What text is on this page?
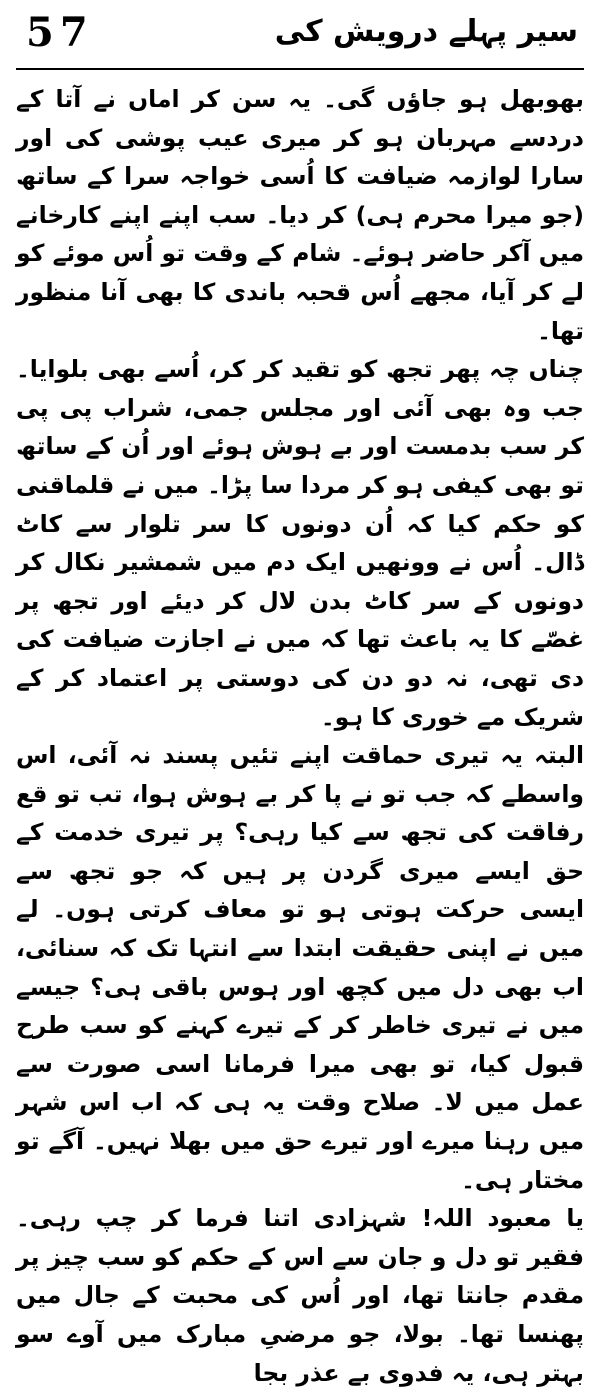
57	سیر پہلے درویش کی

بھوبھل ہو جاؤں گی۔ یہ سن کر اماں نے آتا کے دردسے مہربان ہو کر میری عیب پوشی کی اور سارا لوازمہ ضیافت کا اُسی خواجہ سرا کے ساتھ (جو میرا محرم ہی) کر دیا۔ سب اپنے اپنے کارخانے میں آکر حاضر ہوئے۔ شام کے وقت تو اُس موئے کو لے کر آیا، مجھے اُس قحبہ باندی کا بھی آنا منظور تھا۔

چناں چہ پھر تجھ کو تقید کر کر، اُسے بھی بلوایا۔ جب وہ بھی آئی اور مجلس جمی، شراب پی پی کر سب بدمست اور بے ہوش ہوئے اور اُن کے ساتھ تو بھی کیفی ہو کر مردا سا پڑا۔ میں نے قلماقنی کو حکم کیا کہ اُن دونوں کا سر تلوار سے کاٹ ڈال۔ اُس نے وونھیں ایک دم میں شمشیر نکال کر دونوں کے سر کاٹ بدن لال کر دیئے اور تجھ پر غصّے کا یہ باعث تھا کہ میں نے اجازت ضیافت کی دی تھی، نہ دو دن کی دوستی پر اعتماد کر کے شریک مے خوری کا ہو۔

البتہ یہ تیری حماقت اپنے تئیں پسند نہ آئی، اس واسطے کہ جب تو نے پا کر بے ہوش ہوا، تب تو قع رفاقت کی تجھ سے کیا رہی؟ پر تیری خدمت کے حق ایسے میری گردن پر ہیں کہ جو تجھ سے ایسی حرکت ہوتی ہو تو معاف کرتی ہوں۔ لے میں نے اپنی حقیقت ابتدا سے انتہا تک کہ سنائی، اب بھی دل میں کچھ اور ہوس باقی ہی؟ جیسے میں نے تیری خاطر کر کے تیرے کہنے کو سب طرح قبول کیا، تو بھی میرا فرمانا اسی صورت سے عمل میں لا۔ صلاح وقت یہ ہی کہ اب اس شہر میں رہنا میرے اور تیرے حق میں بھلا نہیں۔ آگے تو مختار ہی۔

یا معبود اللہ! شہزادی اتنا فرما کر چپ رہی۔ فقیر تو دل و جان سے اس کے حکم کو سب چیز پر مقدم جانتا تھا، اور اُس کی محبت کے جال میں پھنسا تھا۔ بولا، جو مرضیِ مبارک میں آوے سو بہتر ہی، یہ فدوی بے عذر بجا
